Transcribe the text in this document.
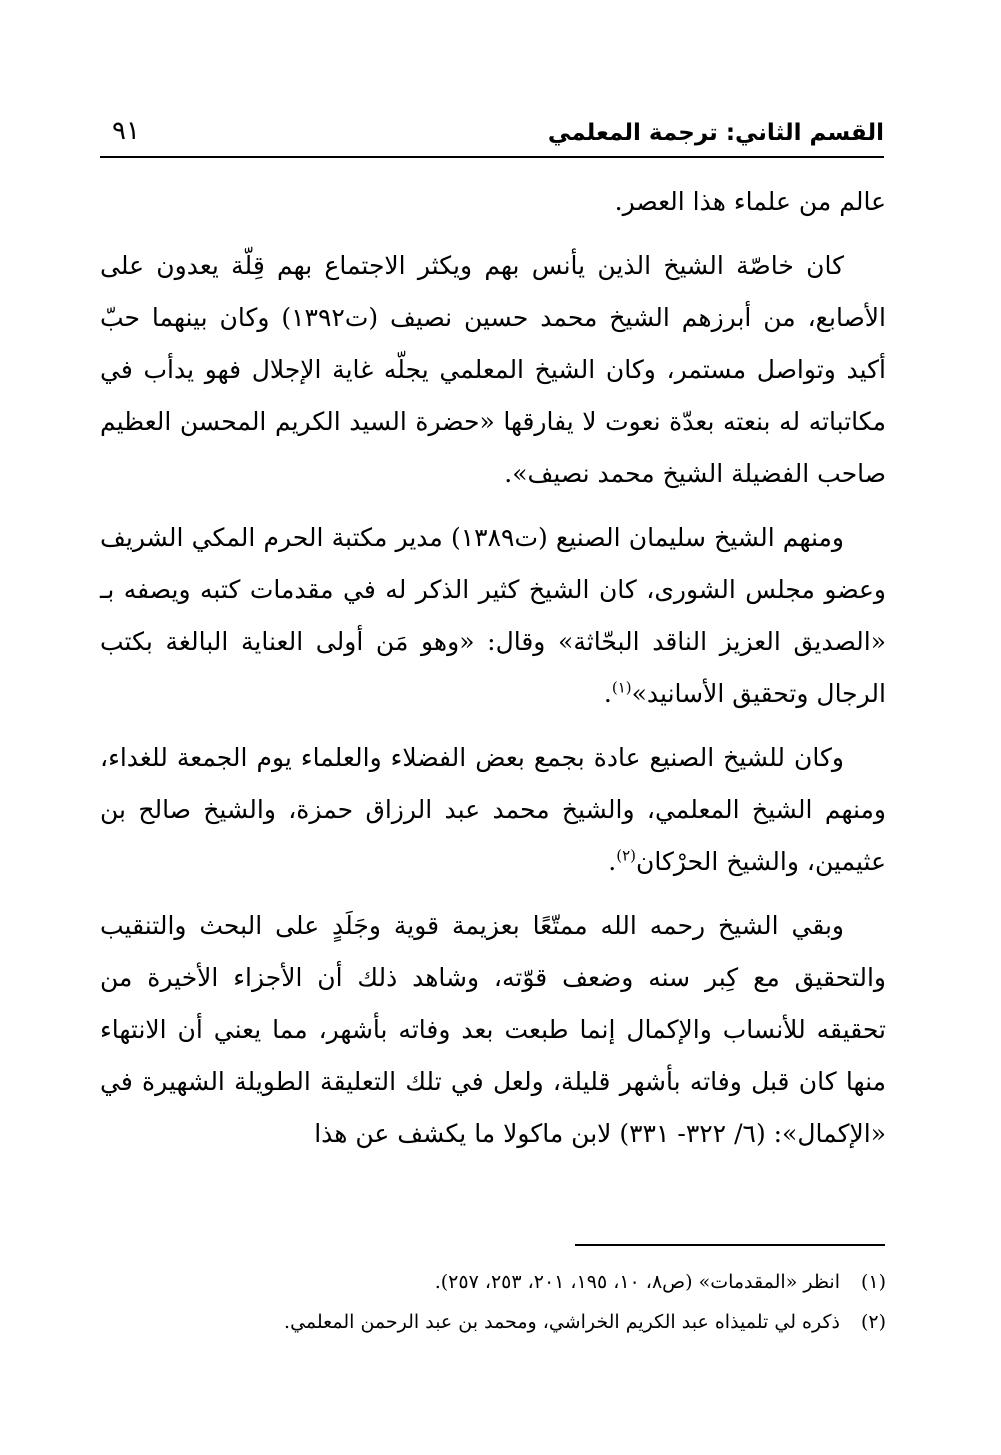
القسم الثاني: ترجمة المعلمي
٩١

عالم من علماء هذا العصر.

كان خاصّة الشيخ الذين يأنس بهم ويكثر الاجتماع بهم قِلّة يعدون على الأصابع، من أبرزهم الشيخ محمد حسين نصيف (ت١٣٩٢) وكان بينهما حبّ أكيد وتواصل مستمر، وكان الشيخ المعلمي يجلّه غاية الإجلال فهو يدأب في مكاتباته له بنعته بعدّة نعوت لا يفارقها «حضرة السيد الكريم المحسن العظيم صاحب الفضيلة الشيخ محمد نصيف».

ومنهم الشيخ سليمان الصنيع (ت١٣٨٩) مدير مكتبة الحرم المكي الشريف وعضو مجلس الشورى، كان الشيخ كثير الذكر له في مقدمات كتبه ويصفه بـ «الصديق العزيز الناقد البحّاثة» وقال: «وهو مَن أولى العناية البالغة بكتب الرجال وتحقيق الأسانيد»$^{(١)}$.

وكان للشيخ الصنيع عادة بجمع بعض الفضلاء والعلماء يوم الجمعة للغداء، ومنهم الشيخ المعلمي، والشيخ محمد عبد الرزاق حمزة، والشيخ صالح بن عثيمين، والشيخ الحرْكان$^{(٢)}$.

وبقي الشيخ رحمه الله ممتّعًا بعزيمة قوية وجَلَدٍ على البحث والتنقيب والتحقيق مع كِبر سنه وضعف قوّته، وشاهد ذلك أن الأجزاء الأخيرة من تحقيقه للأنساب والإكمال إنما طبعت بعد وفاته بأشهر، مما يعني أن الانتهاء منها كان قبل وفاته بأشهر قليلة، ولعل في تلك التعليقة الطويلة الشهيرة في «الإكمال»: (٦/ ٣٢٢- ٣٣١) لابن ماكولا ما يكشف عن هذا

(١)انظر «المقدمات» (ص٨، ١٠، ١٩٥، ٢٠١، ٢٥٣، ٢٥٧).
(٢)ذكره لي تلميذاه عبد الكريم الخراشي، ومحمد بن عبد الرحمن المعلمي.
